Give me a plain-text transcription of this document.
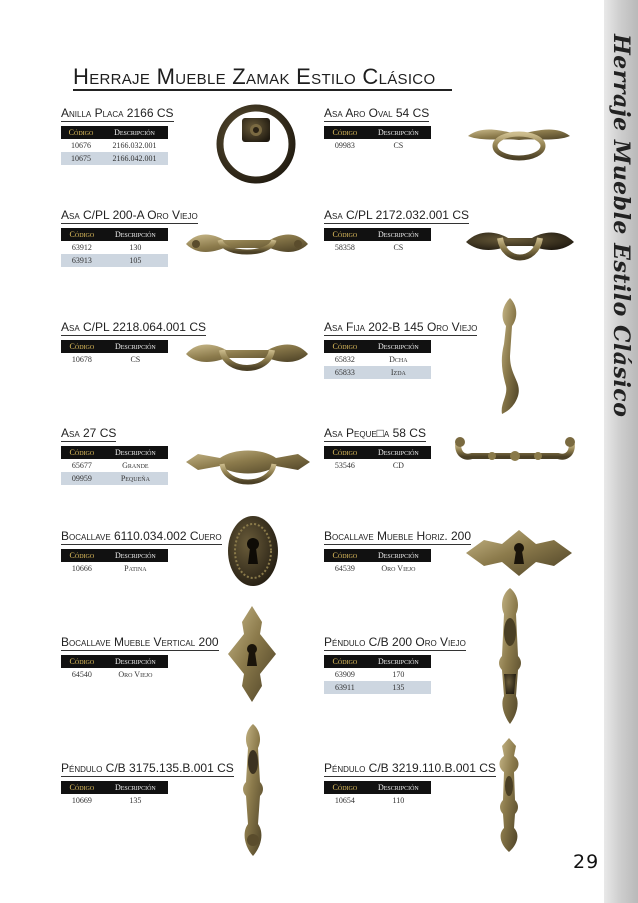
Herraje Mueble Estilo Clásico
Herraje Mueble Zamak Estilo Clásico
Anilla Placa 2166 CS
Código	Descripción
10676	2166.032.001
10675	2166.042.001
Asa Aro Oval 54 CS
Código	Descripción
09983	CS
Asa C/PL 200-A Oro Viejo
Código	Descripción
63912	130
63913	105
Asa C/PL 2172.032.001 CS
Código	Descripción
58358	CS
Asa C/PL 2218.064.001 CS
Código	Descripción
10678	CS
Asa Fija 202-B 145 Oro Viejo
Código	Descripción
65832	Dcha
65833	Izda
Asa 27 CS
Código	Descripción
65677	Grande
09959	Pequeña
Asa Peque□a 58 CS
Código	Descripción
53546	CD
Bocallave 6110.034.002 Cuero
Código	Descripción
10666	Patina
Bocallave Mueble Horiz. 200
Código	Descripción
64539	Oro Viejo
Bocallave Mueble Vertical 200
Código	Descripción
64540	Oro Viejo
Péndulo C/B 200 Oro Viejo
Código	Descripción
63909	170
63911	135
Péndulo C/B 3175.135.B.001 CS
Código	Descripción
10669	135
Péndulo C/B 3219.110.B.001 CS
Código	Descripción
10654	110
29
